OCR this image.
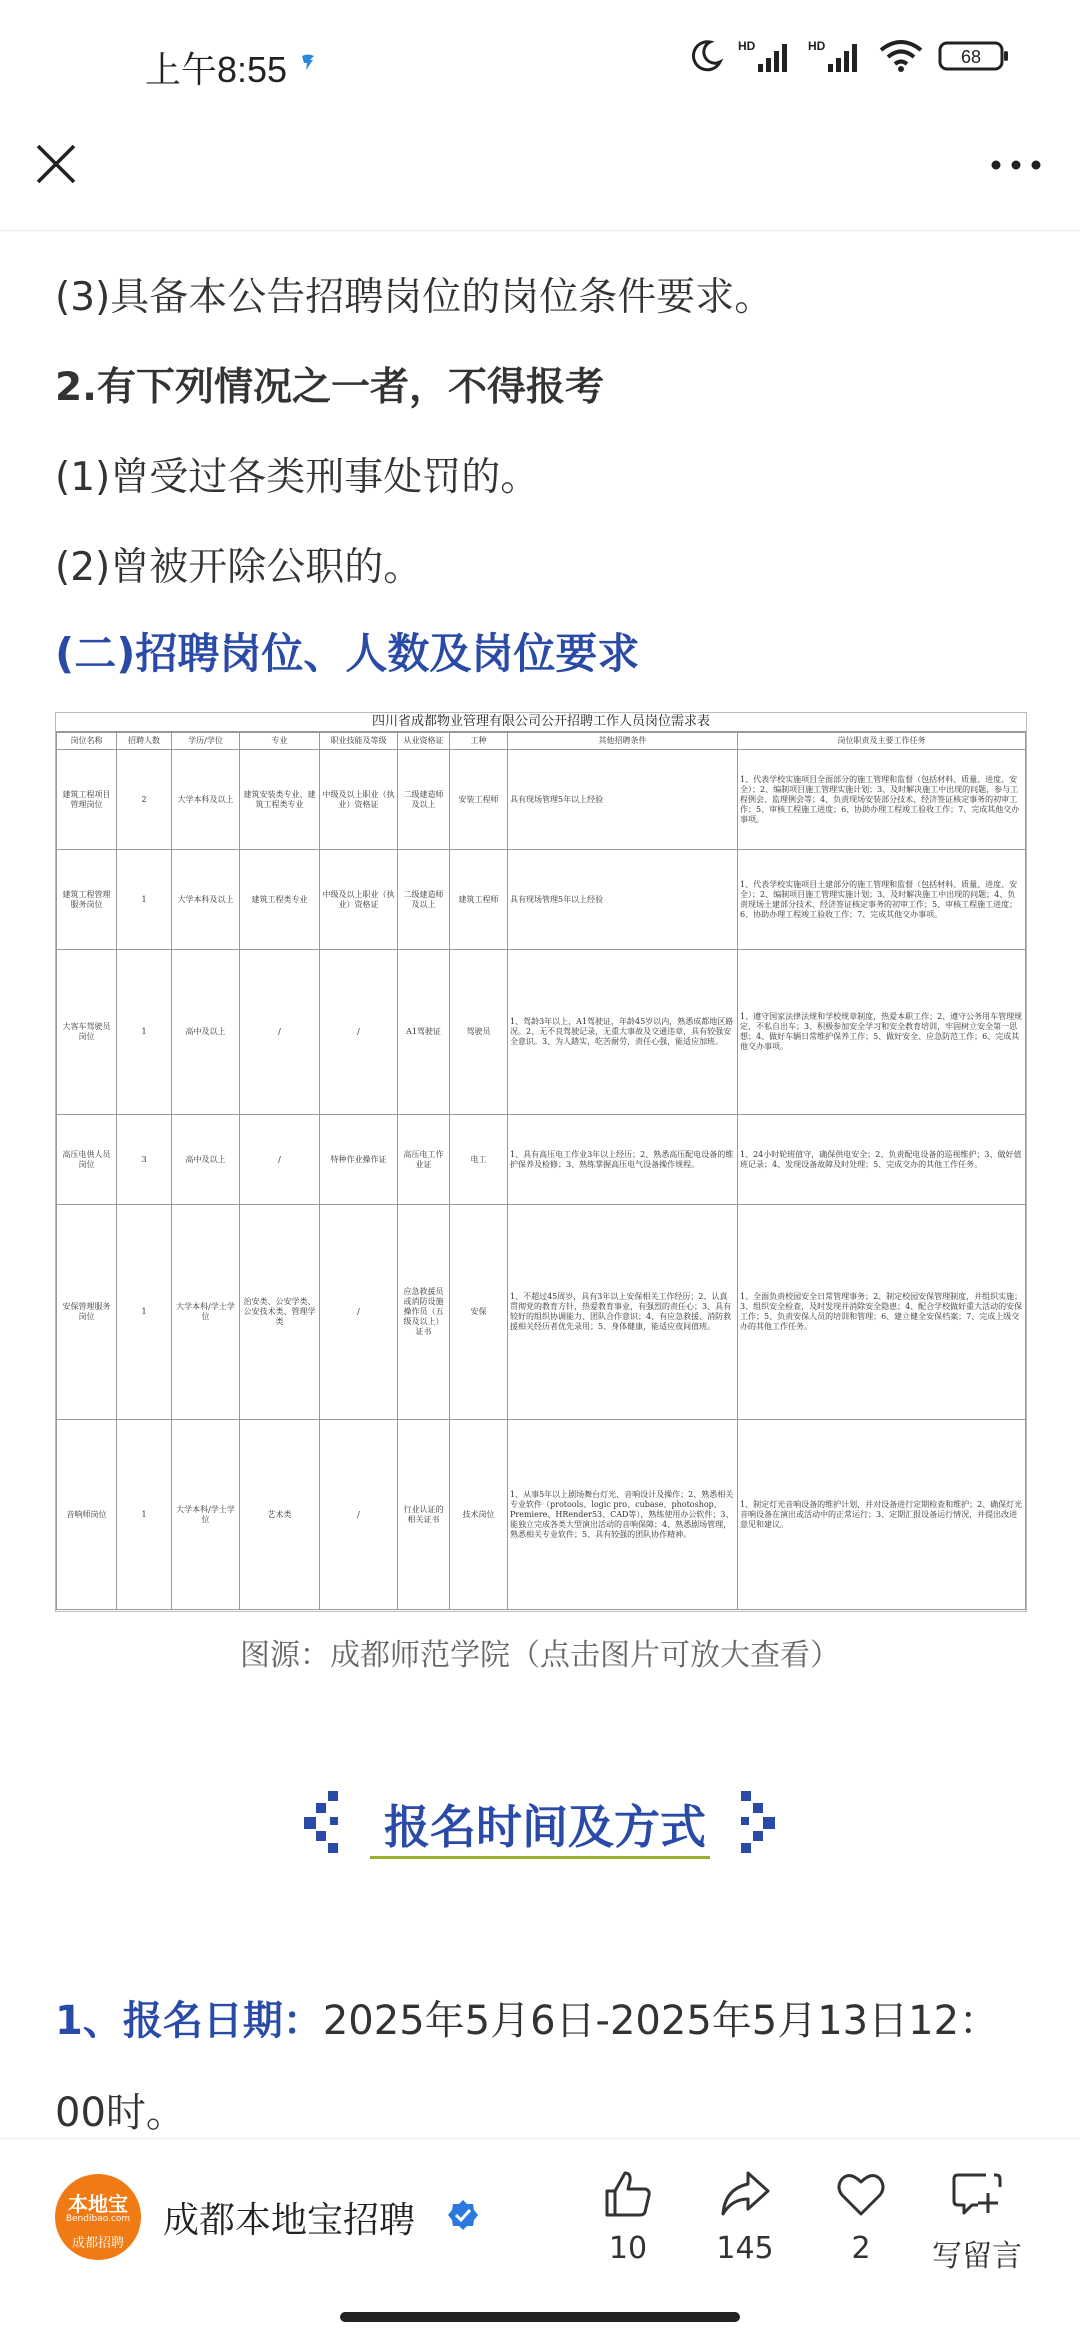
上午8:55
HD	HD
68

(3)具备本公告招聘岗位的岗位条件要求。

2.有下列情况之一者，不得报考

(1)曾受过各类刑事处罚的。

(2)曾被开除公职的。

(二)招聘岗位、人数及岗位要求

四川省成都物业管理有限公司公开招聘工作人员岗位需求表
岗位名称	招聘人数	学历/学位	专业	职业技能及等级	从业资格证	工种	其他招聘条件	岗位职责及主要工作任务
建筑工程项目管理岗位	2	大学本科及以上	建筑安装类专业、建筑工程类专业	中级及以上职业（执业）资格证	二级建造师及以上	安装工程师	具有现场管理5年以上经验	1、代表学校实施项目全面部分的施工管理和监督（包括材料、质量、进度、安全）；2、编制项目施工管理实施计划；3、及时解决施工中出现的问题，参与工程例会、监理例会等；4、负责现场安装部分技术、经济签证核定事务的初审工作；5、审核工程施工进度；6、协助办理工程竣工验收工作；7、完成其他交办事项。
建筑工程管理服务岗位	1	大学本科及以上	建筑工程类专业	中级及以上职业（执业）资格证	二级建造师及以上	建筑工程师	具有现场管理5年以上经验	1、代表学校实施项目土建部分的施工管理和监督（包括材料、质量、进度、安全）；2、编制项目施工管理实施计划；3、及时解决施工中出现的问题；4、负责现场土建部分技术、经济签证核定事务的初审工作；5、审核工程施工进度；6、协助办理工程竣工验收工作；7、完成其他交办事项。
大客车驾驶员岗位	1	高中及以上	/	/	A1驾驶证	驾驶员	1、驾龄3年以上，A1驾驶证，年龄45岁以内，熟悉成都地区路况。2、无不良驾驶记录，无重大事故及交通违章，具有较强安全意识。3、为人踏实，吃苦耐劳，责任心强，能适应加班。	1、遵守国家法律法规和学校规章制度，热爱本职工作；2、遵守公务用车管理规定，不私自出车；3、积极参加安全学习和安全教育培训，牢固树立安全第一思想；4、做好车辆日常维护保养工作；5、做好安全、应急防范工作；6、完成其他交办事项。
高压电供人员岗位	3	高中及以上	/	特种作业操作证	高压电工作业证	电工	1、具有高压电工作业3年以上经历；2、熟悉高压配电设备的维护保养及检修；3、熟练掌握高压电气设备操作规程。	1、24小时轮班值守，确保供电安全；2、负责配电设备的巡视维护；3、做好值班记录；4、发现设备故障及时处理；5、完成交办的其他工作任务。
安保管理服务岗位	1	大学本科/学士学位	治安类、公安学类、公安技术类、管理学类	/	应急救援员或消防设施操作员（五级及以上）证书	安保	1、不超过45周岁，具有3年以上安保相关工作经历；2、认真贯彻党的教育方针，热爱教育事业，有强烈的责任心；3、具有较好的组织协调能力、团队合作意识；4、有应急救援、消防救援相关经历者优先录用；5、身体健康，能适应夜间值班。	1、全面负责校园安全日常管理事务；2、制定校园安保管理制度，并组织实施；3、组织安全检查，及时发现并消除安全隐患；4、配合学校做好重大活动的安保工作；5、负责安保人员的培训和管理；6、建立健全安保档案；7、完成上级交办的其他工作任务。
音响师岗位	1	大学本科/学士学位	艺术类	/	行业认证的相关证书	技术岗位	1、从事5年以上剧场舞台灯光、音响设计及操作；2、熟悉相关专业软件（protools、logic pro、cubase、photoshop、Premiere、HRender53、CAD等），熟练使用办公软件；3、能独立完成各类大型演出活动的音响保障；4、熟悉剧场管理，熟悉相关专业软件；5、具有较强的团队协作精神。	1、制定灯光音响设备的维护计划，并对设备进行定期检查和维护；2、确保灯光音响设备在演出或活动中的正常运行；3、定期汇报设备运行情况，并提出改进意见和建议。
图源：成都师范学院（点击图片可放大查看）
报名时间及方式
1、报名日期：2025年5月6日-2025年5月13日12：00时。
本地宝
Bendibao.com
成都招聘
成都本地宝招聘
10	145	2	写留言
